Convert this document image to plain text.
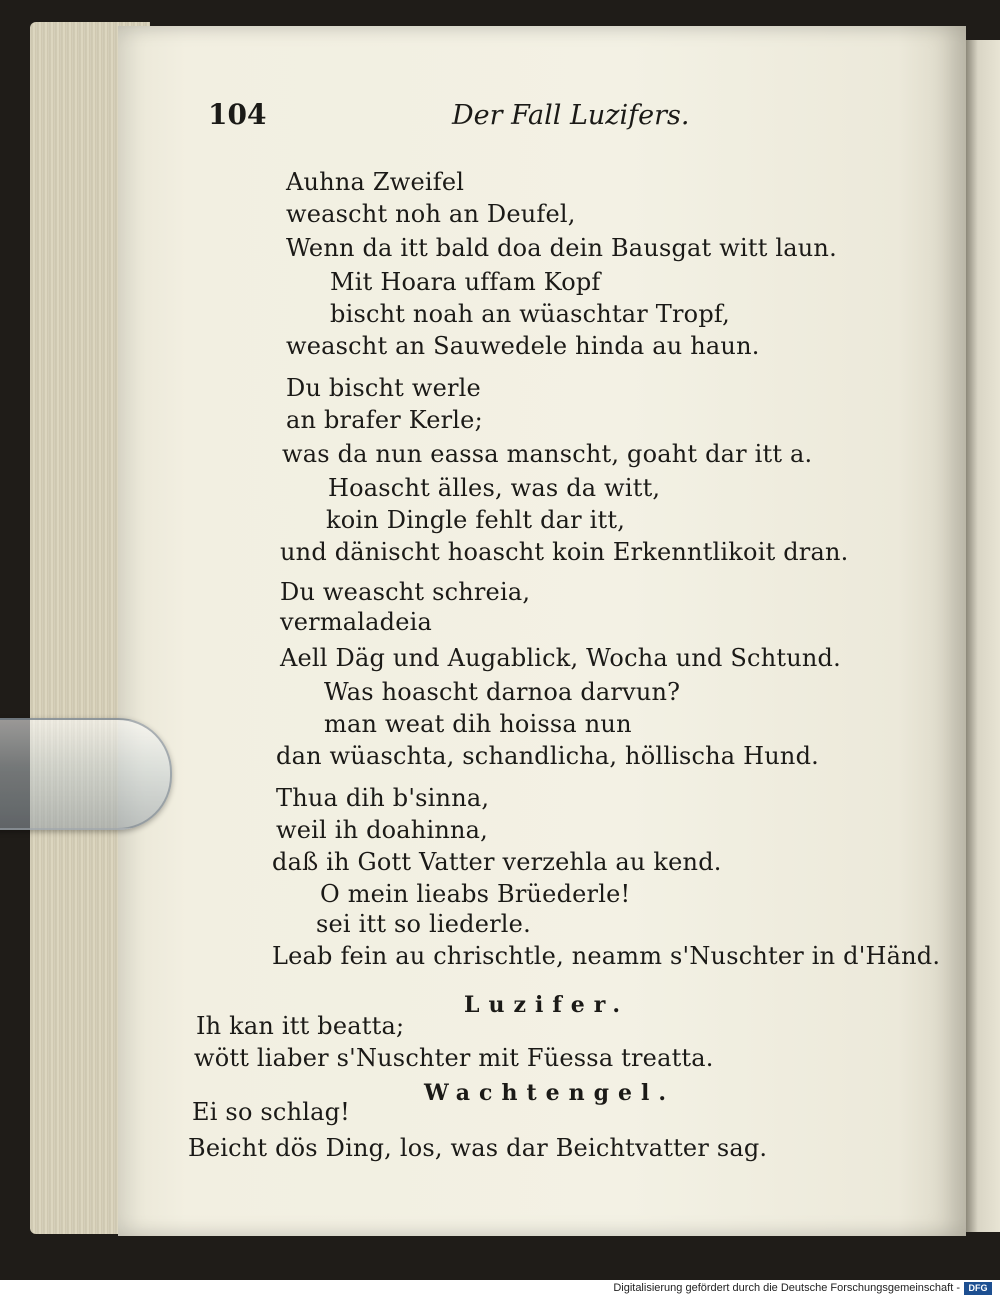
104	Der Fall Luzifers.
Auhna Zweifel
weascht noh an Deufel,
Wenn da itt bald doa dein Bausgat witt laun.
Mit Hoara uffam Kopf
bischt noah an wüaschtar Tropf,
weascht an Sauwedele hinda au haun.
Du bischt werle
an brafer Kerle;
was da nun eassa manscht, goaht dar itt a.
Hoascht älles, was da witt,
koin Dingle fehlt dar itt,
und dänischt hoascht koin Erkenntlikoit dran.
Du weascht schreia,
vermaladeia
Aell Däg und Augablick, Wocha und Schtund.
Was hoascht darnoa darvun?
man weat dih hoissa nun
dan wüaschta, schandlicha, höllischa Hund.
Thua dih b'sinna,
weil ih doahinna,
daß ih Gott Vatter verzehla au kend.
O mein lieabs Brüederle!
sei itt so liederle.
Leab fein au chrischtle, neamm s'Nuschter in d'Händ.
Luzifer.
Ih kan itt beatta;
wött liaber s'Nuschter mit Füessa treatta.
Wachtengel.
Ei so schlag!
Beicht dös Ding, los, was dar Beichtvatter sag.
Digitalisierung gefördert durch die Deutsche Forschungsgemeinschaft - DFG
